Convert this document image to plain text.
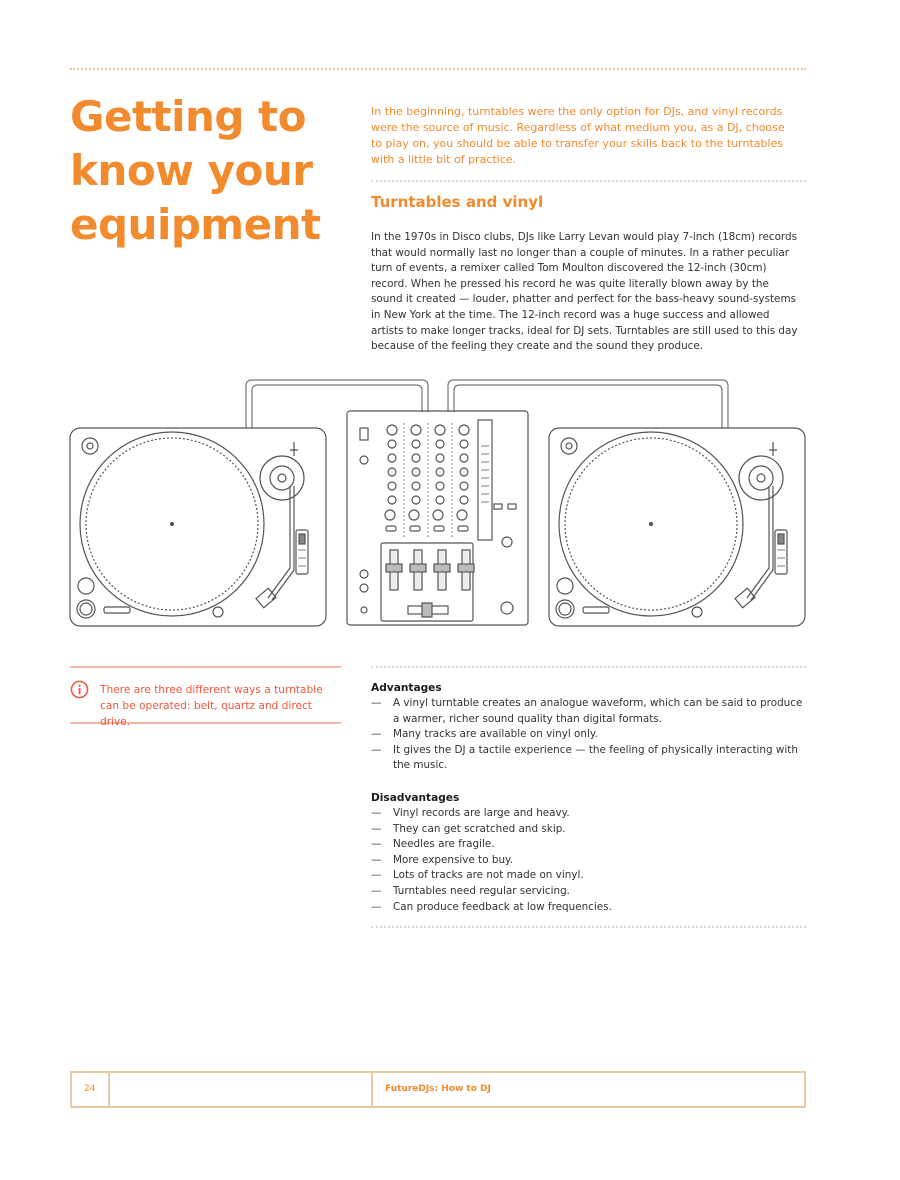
Getting to know your equipment

In the beginning, turntables were the only option for DJs, and vinyl records were the source of music. Regardless of what medium you, as a DJ, choose to play on, you should be able to transfer your skills back to the turntables with a little bit of practice.

Turntables and vinyl

In the 1970s in Disco clubs, DJs like Larry Levan would play 7-inch (18cm) records that would normally last no longer than a couple of minutes. In a rather peculiar turn of events, a remixer called Tom Moulton discovered the 12-inch (30cm) record. When he pressed his record he was quite literally blown away by the sound it created — louder, phatter and perfect for the bass-heavy sound-systems in New York at the time. The 12-inch record was a huge success and allowed artists to make longer tracks, ideal for DJ sets. Turntables are still used to this day because of the feeling they create and the sound they produce.

There are three different ways a turntable can be operated: belt, quartz and direct drive.

Advantages
— A vinyl turntable creates an analogue waveform, which can be said to produce a warmer, richer sound quality than digital formats.
— Many tracks are available on vinyl only.
— It gives the DJ a tactile experience — the feeling of physically interacting with the music.
Disadvantages
— Vinyl records are large and heavy.
— They can get scratched and skip.
— Needles are fragile.
— More expensive to buy.
— Lots of tracks are not made on vinyl.
— Turntables need regular servicing.
— Can produce feedback at low frequencies.
24	FutureDJs: How to DJ
